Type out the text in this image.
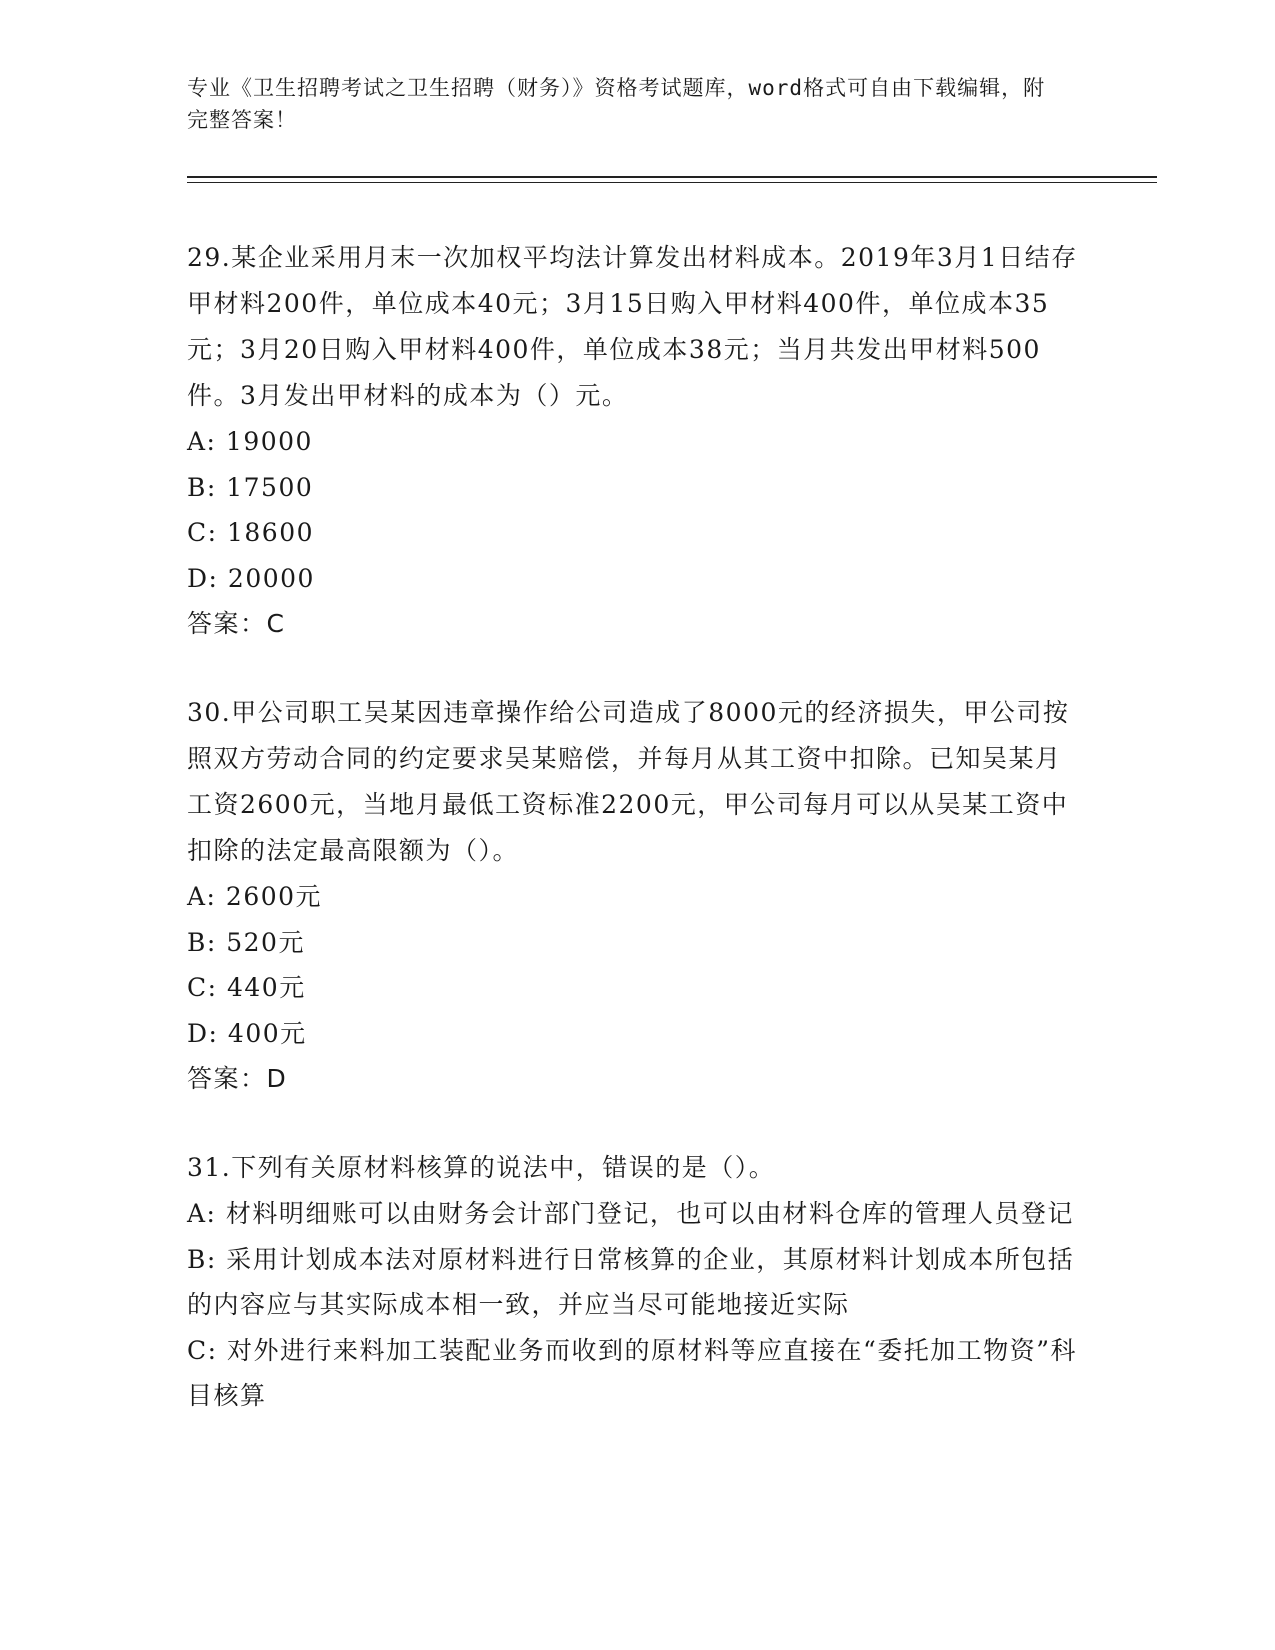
专业《卫生招聘考试之卫生招聘（财务）》资格考试题库，word格式可自由下载编辑，附完整答案！
29.某企业采用月末一次加权平均法计算发出材料成本。2019年3月1日结存甲材料200件，单位成本40元；3月15日购入甲材料400件，单位成本35元；3月20日购入甲材料400件，单位成本38元；当月共发出甲材料500件。3月发出甲材料的成本为（）元。
A: 19000
B: 17500
C: 18600
D: 20000
答案：C
30.甲公司职工吴某因违章操作给公司造成了8000元的经济损失，甲公司按照双方劳动合同的约定要求吴某赔偿，并每月从其工资中扣除。已知吴某月工资2600元，当地月最低工资标准2200元，甲公司每月可以从吴某工资中扣除的法定最高限额为（）。
A: 2600元
B: 520元
C: 440元
D: 400元
答案：D
31.下列有关原材料核算的说法中，错误的是（）。
A: 材料明细账可以由财务会计部门登记，也可以由材料仓库的管理人员登记
B: 采用计划成本法对原材料进行日常核算的企业，其原材料计划成本所包括的内容应与其实际成本相一致，并应当尽可能地接近实际
C: 对外进行来料加工装配业务而收到的原材料等应直接在“委托加工物资”科目核算
